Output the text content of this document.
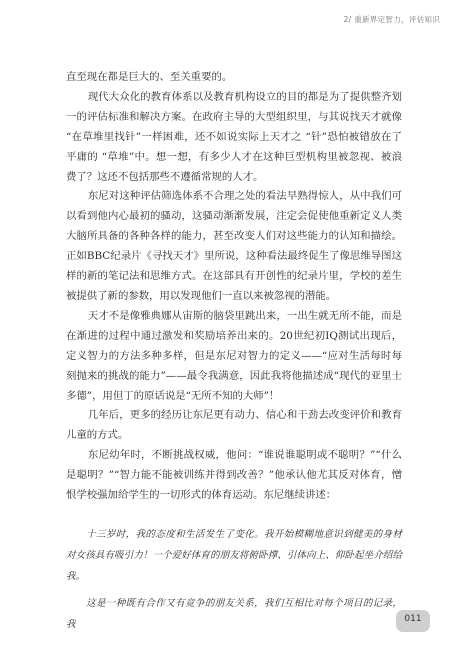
2/ 重新界定智力，评估知识

直至现在都是巨大的、至关重要的。

现代大众化的教育体系以及教育机构设立的目的都是为了提供整齐划一的评估标准和解决方案。在政府主导的大型组织里，与其说找天才就像 “在草堆里找针”一样困难，还不如说实际上天才之 “针”恐怕被错放在了平庸的 “草堆”中。想一想，有多少人才在这种巨型机构里被忽视、被浪费了？这还不包括那些不遵循常规的人才。

东尼对这种评估筛选体系不合理之处的看法早熟得惊人，从中我们可以看到他内心最初的骚动，这骚动渐渐发展，注定会促使他重新定义人类大脑所具备的各种各样的能力，甚至改变人们对这些能力的认知和描绘。正如BBC纪录片《寻找天才》里所说，这种看法最终促生了像思维导图这样的新的笔记法和思维方式。在这部具有开创性的纪录片里，学校的差生被提供了新的参数，用以发现他们一直以来被忽视的潜能。

天才不是像雅典娜从宙斯的脑袋里跳出来，一出生就无所不能，而是在渐进的过程中通过激发和奖励培养出来的。20世纪初IQ测试出现后，定义智力的方法多种多样，但是东尼对智力的定义——“应对生活每时每刻抛来的挑战的能力”——最令我满意，因此我将他描述成“现代的亚里士多德”，用但丁的原话说是“无所不知的大师”！

几年后，更多的经历让东尼更有动力、信心和干劲去改变评价和教育儿童的方式。

东尼幼年时，不断挑战权威，他问：“谁说谁聪明或不聪明？”“什么是聪明？”“智力能不能被训练并得到改善？”他承认他尤其反对体育，憎恨学校强加给学生的一切形式的体育运动。东尼继续讲述：

十三岁时，我的态度和生活发生了变化。我开始模糊地意识到健美的身材对女孩具有吸引力！一个爱好体育的朋友将俯卧撑、引体向上、仰卧起坐介绍给我。

这是一种既有合作又有竞争的朋友关系，我们互相比对每个项目的记录，我	011
